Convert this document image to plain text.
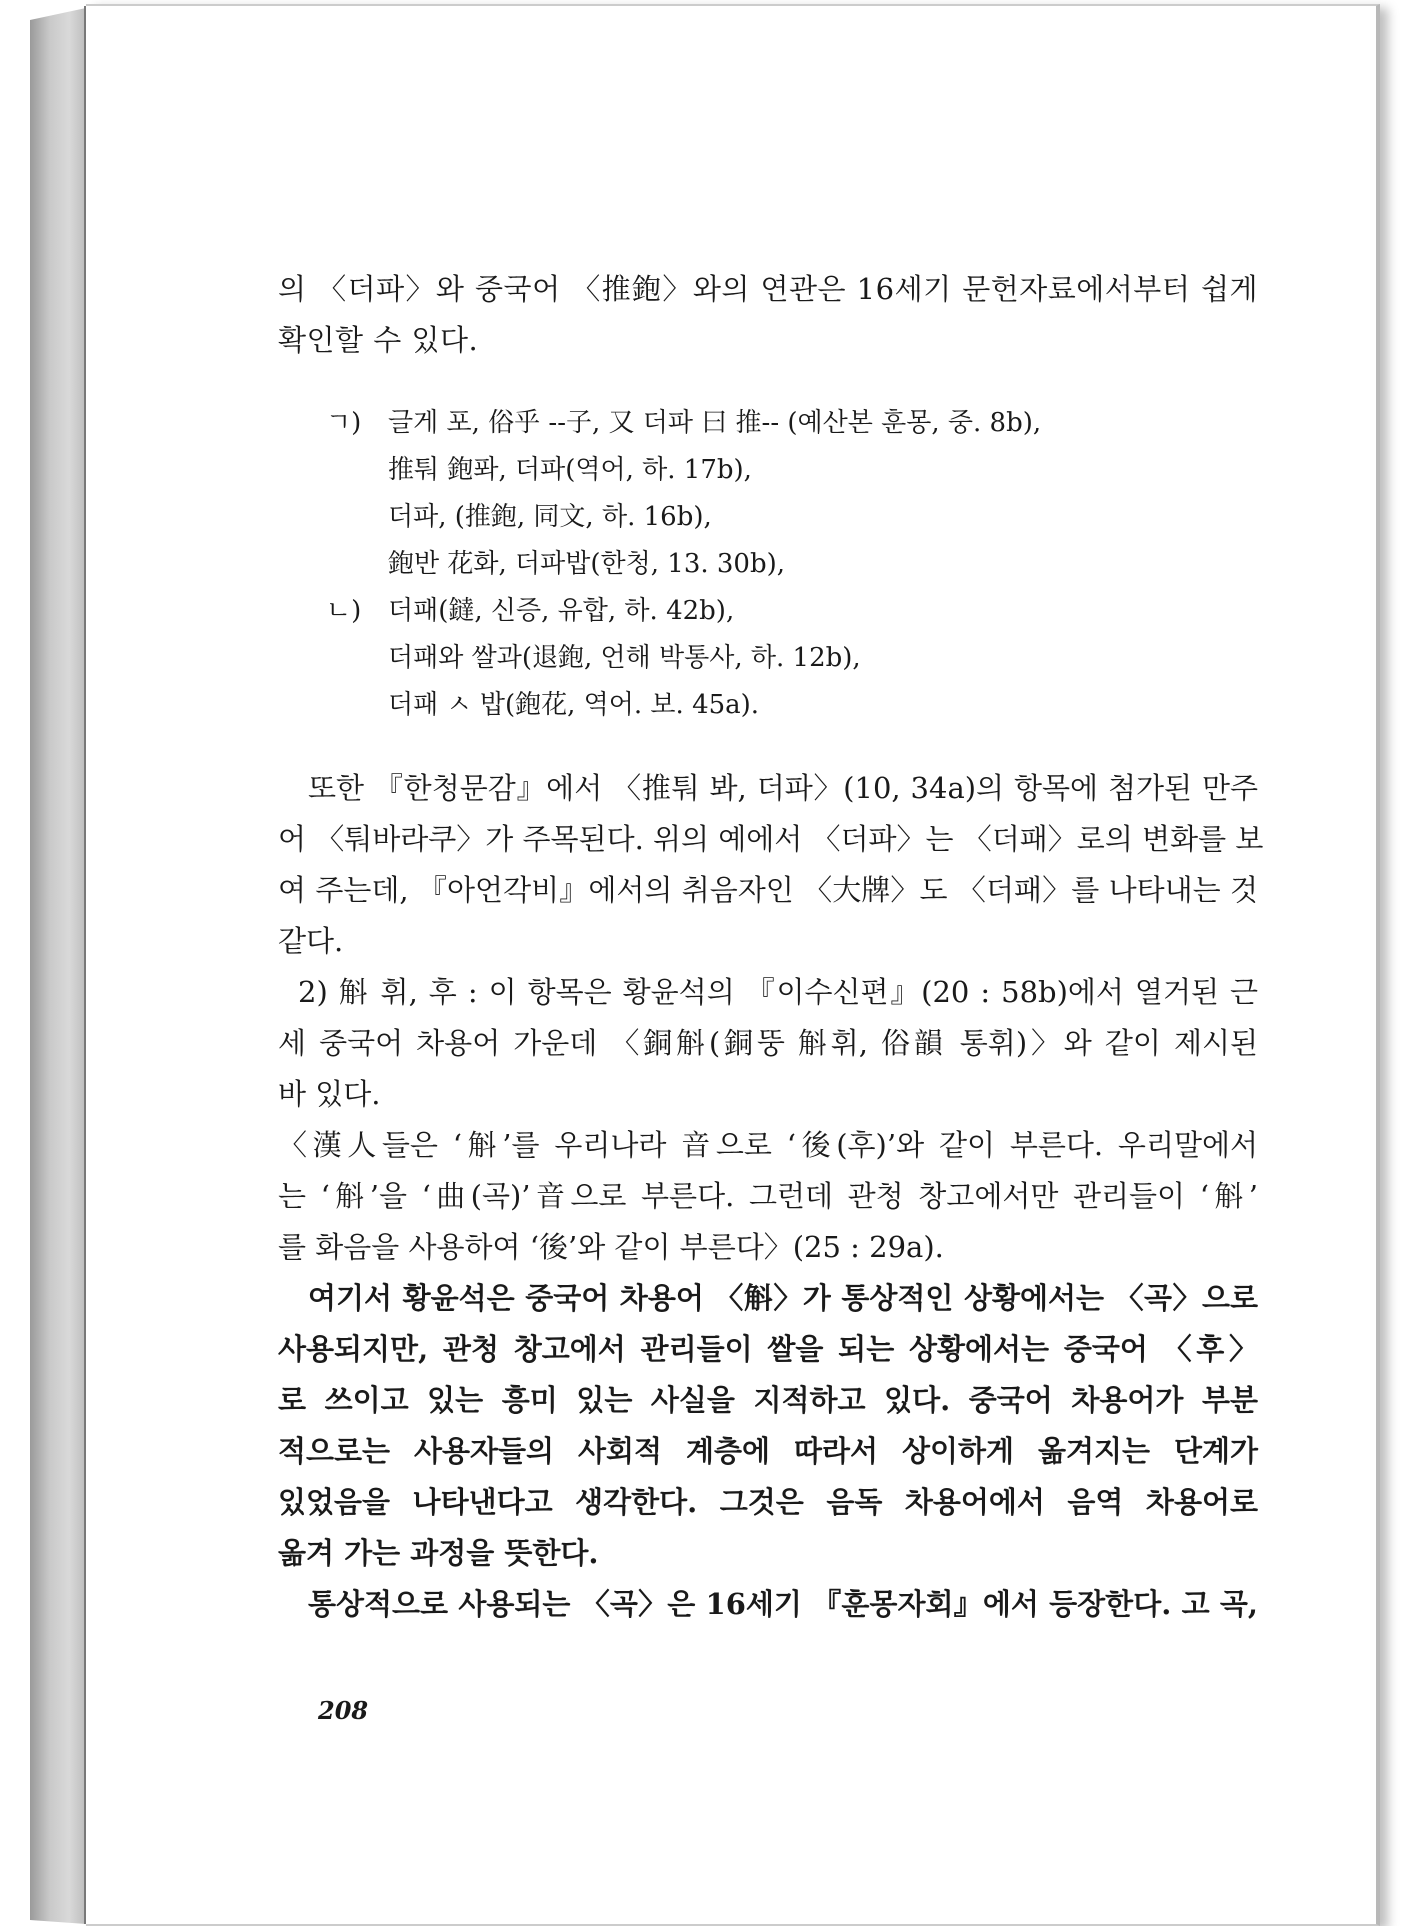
의 〈더파〉와 중국어 〈推鉋〉와의 연관은 16세기 문헌자료에서부터 쉽게
확인할 수 있다.
ㄱ) 글게 포, 俗乎 --子, 又 더파 曰 推-- (예산본 훈몽, 중. 8b),
推퉈 鉋퐈, 더파(역어, 하. 17b),
더파, (推鉋, 同文, 하. 16b),
鉋반 花화, 더파밥(한청, 13. 30b),
ㄴ) 더패(鐽, 신증, 유합, 하. 42b),
더패와 쌀과(退鉋, 언해 박통사, 하. 12b),
더패 ㅅ 밥(鉋花, 역어. 보. 45a).
또한 『한청문감』에서 〈推퉈 봐, 더파〉(10, 34a)의 항목에 첨가된 만주
어 〈퉈바라쿠〉가 주목된다. 위의 예에서 〈더파〉는 〈더패〉로의 변화를 보
여 주는데, 『아언각비』에서의 취음자인 〈大牌〉도 〈더패〉를 나타내는 것
같다.
2) 斛 휘, 후 : 이 항목은 황윤석의 『이수신편』(20 : 58b)에서 열거된 근
세 중국어 차용어 가운데 〈銅斛(銅뚱 斛휘, 俗韻 통휘)〉와 같이 제시된
바 있다.
〈漢人들은 ‘斛’를 우리나라 音으로 ‘後(후)’와 같이 부른다. 우리말에서
는 ‘斛’을 ‘曲(곡)’音으로 부른다. 그런데 관청 창고에서만 관리들이 ‘斛’
를 화음을 사용하여 ‘後’와 같이 부른다〉(25 : 29a).
여기서 황윤석은 중국어 차용어 〈斛〉가 통상적인 상황에서는 〈곡〉으로
사용되지만, 관청 창고에서 관리들이 쌀을 되는 상황에서는 중국어 〈후〉
로 쓰이고 있는 흥미 있는 사실을 지적하고 있다. 중국어 차용어가 부분
적으로는 사용자들의 사회적 계층에 따라서 상이하게 옮겨지는 단계가
있었음을 나타낸다고 생각한다. 그것은 음독 차용어에서 음역 차용어로
옮겨 가는 과정을 뜻한다.
통상적으로 사용되는 〈곡〉은 16세기 『훈몽자회』에서 등장한다. 고 곡,
208
